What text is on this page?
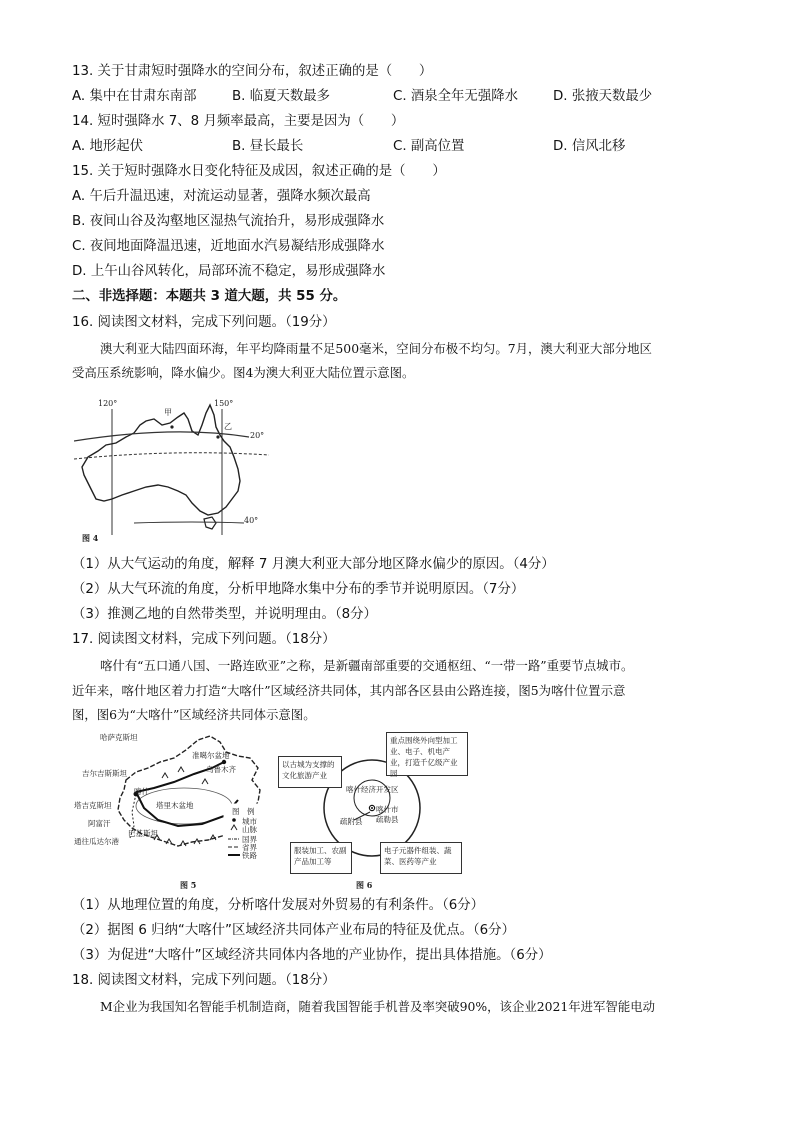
13. 关于甘肃短时强降水的空间分布，叙述正确的是（　　）
A. 集中在甘肃东南部	B. 临夏天数最多	C. 酒泉全年无强降水	D. 张掖天数最少
14. 短时强降水 7、8 月频率最高，主要是因为（　　）
A. 地形起伏	B. 昼长最长	C. 副高位置	D. 信风北移
15. 关于短时强降水日变化特征及成因，叙述正确的是（　　）
A. 午后升温迅速，对流运动显著，强降水频次最高
B. 夜间山谷及沟壑地区湿热气流抬升，易形成强降水
C. 夜间地面降温迅速，近地面水汽易凝结形成强降水
D. 上午山谷风转化，局部环流不稳定，易形成强降水
二、非选择题：本题共 3 道大题，共 55 分。
16. 阅读图文材料，完成下列问题。（19分）
澳大利亚大陆四面环海，年平均降雨量不足500毫米，空间分布极不均匀。7月，澳大利亚大部分地区
受高压系统影响，降水偏少。图4为澳大利亚大陆位置示意图。
120°	150°
20°
40°
甲
乙
图 4
（1）从大气运动的角度，解释 7 月澳大利亚大部分地区降水偏少的原因。（4分）
（2）从大气环流的角度，分析甲地降水集中分布的季节并说明原因。（7分）
（3）推测乙地的自然带类型，并说明理由。（8分）
17. 阅读图文材料，完成下列问题。（18分）
喀什有“五口通八国、一路连欧亚”之称，是新疆南部重要的交通枢纽、“一带一路”重要节点城市。
近年来，喀什地区着力打造“大喀什”区域经济共同体，其内部各区县由公路连接，图5为喀什位置示意
图，图6为“大喀什”区域经济共同体示意图。
哈萨克斯坦
准噶尔盆地
乌鲁木齐
吉尔吉斯斯坦
塔吉克斯坦
喀什
塔里木盆地
阿富汗
巴基斯坦
通往瓜达尔港
图　例
城市
山脉
国界
省界
铁路
图 5
以古城为支撑的文化旅游产业
重点围绕外向型加工业、电子、机电产业，打造千亿级产业园
服装加工、农副产品加工等
电子元器件组装、蔬菜、医药等产业
喀什经济开发区
喀什市
疏附县 疏勒县
图 6
（1）从地理位置的角度，分析喀什发展对外贸易的有利条件。（6分）
（2）据图 6 归纳“大喀什”区域经济共同体产业布局的特征及优点。（6分）
（3）为促进“大喀什”区域经济共同体内各地的产业协作，提出具体措施。（6分）
18. 阅读图文材料，完成下列问题。（18分）
M企业为我国知名智能手机制造商，随着我国智能手机普及率突破90%，该企业2021年进军智能电动
